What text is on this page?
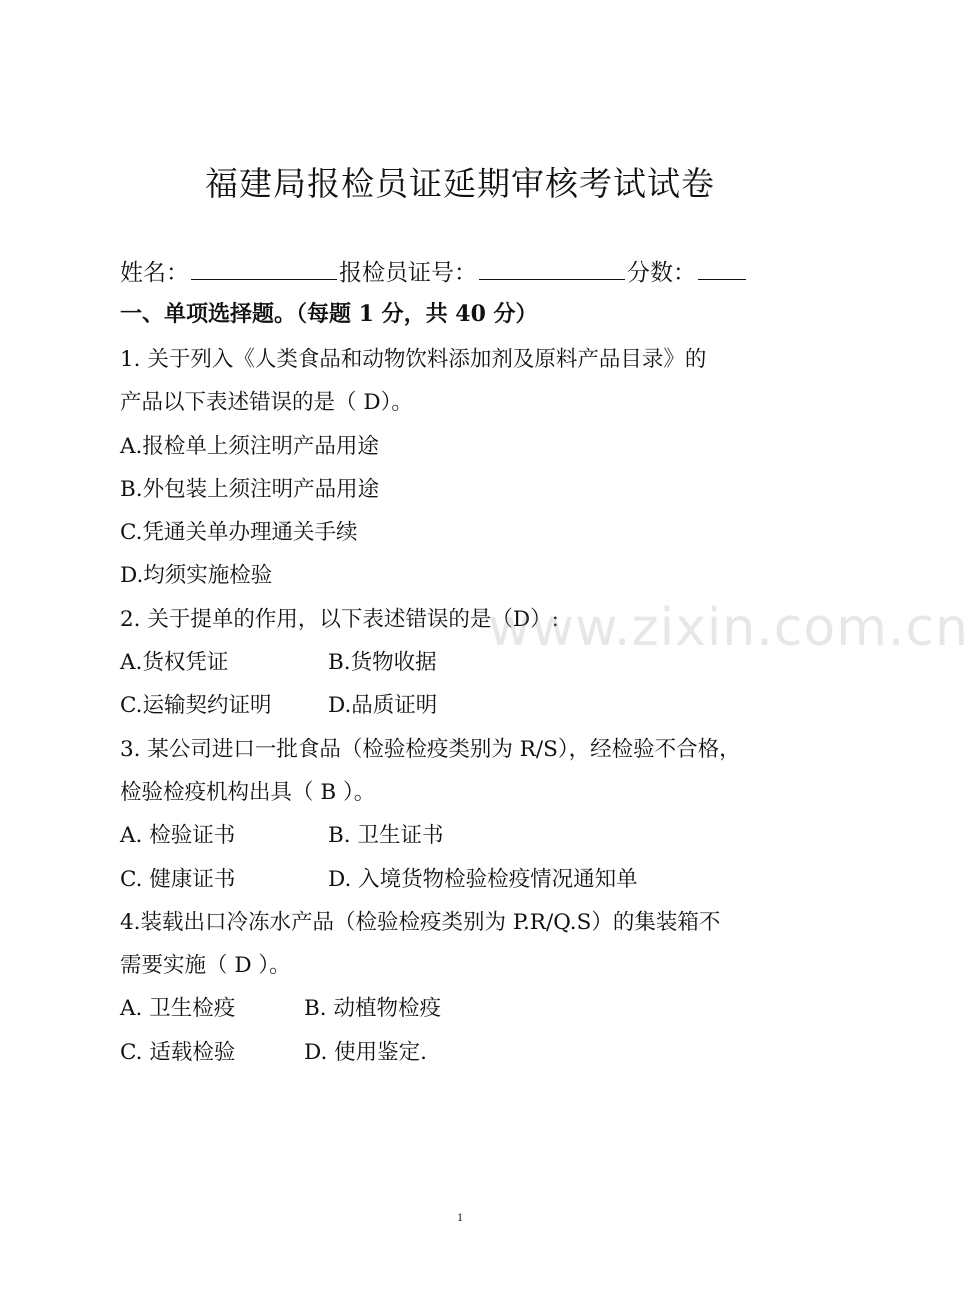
福建局报检员证延期审核考试试卷
姓名：	报检员证号：	分数：
一、单项选择题。（每题 1 分，共 40 分）
1. 关于列入《人类食品和动物饮料添加剂及原料产品目录》的
产品以下表述错误的是（ D）。
A.报检单上须注明产品用途
B.外包装上须注明产品用途
C.凭通关单办理通关手续
D.均须实施检验
2. 关于提单的作用，以下表述错误的是（D）:
A.货权凭证	B.货物收据
C.运输契约证明	D.品质证明
3. 某公司进口一批食品（检验检疫类别为 R/S），经检验不合格，
检验检疫机构出具（ B ）。
A. 检验证书	B. 卫生证书
C. 健康证书	D. 入境货物检验检疫情况通知单
4.装载出口冷冻水产品（检验检疫类别为 P.R/Q.S）的集装箱不
需要实施（ D ）。
A. 卫生检疫	B. 动植物检疫
C. 适载检验	D. 使用鉴定.
www.zixin.com.cn
1
